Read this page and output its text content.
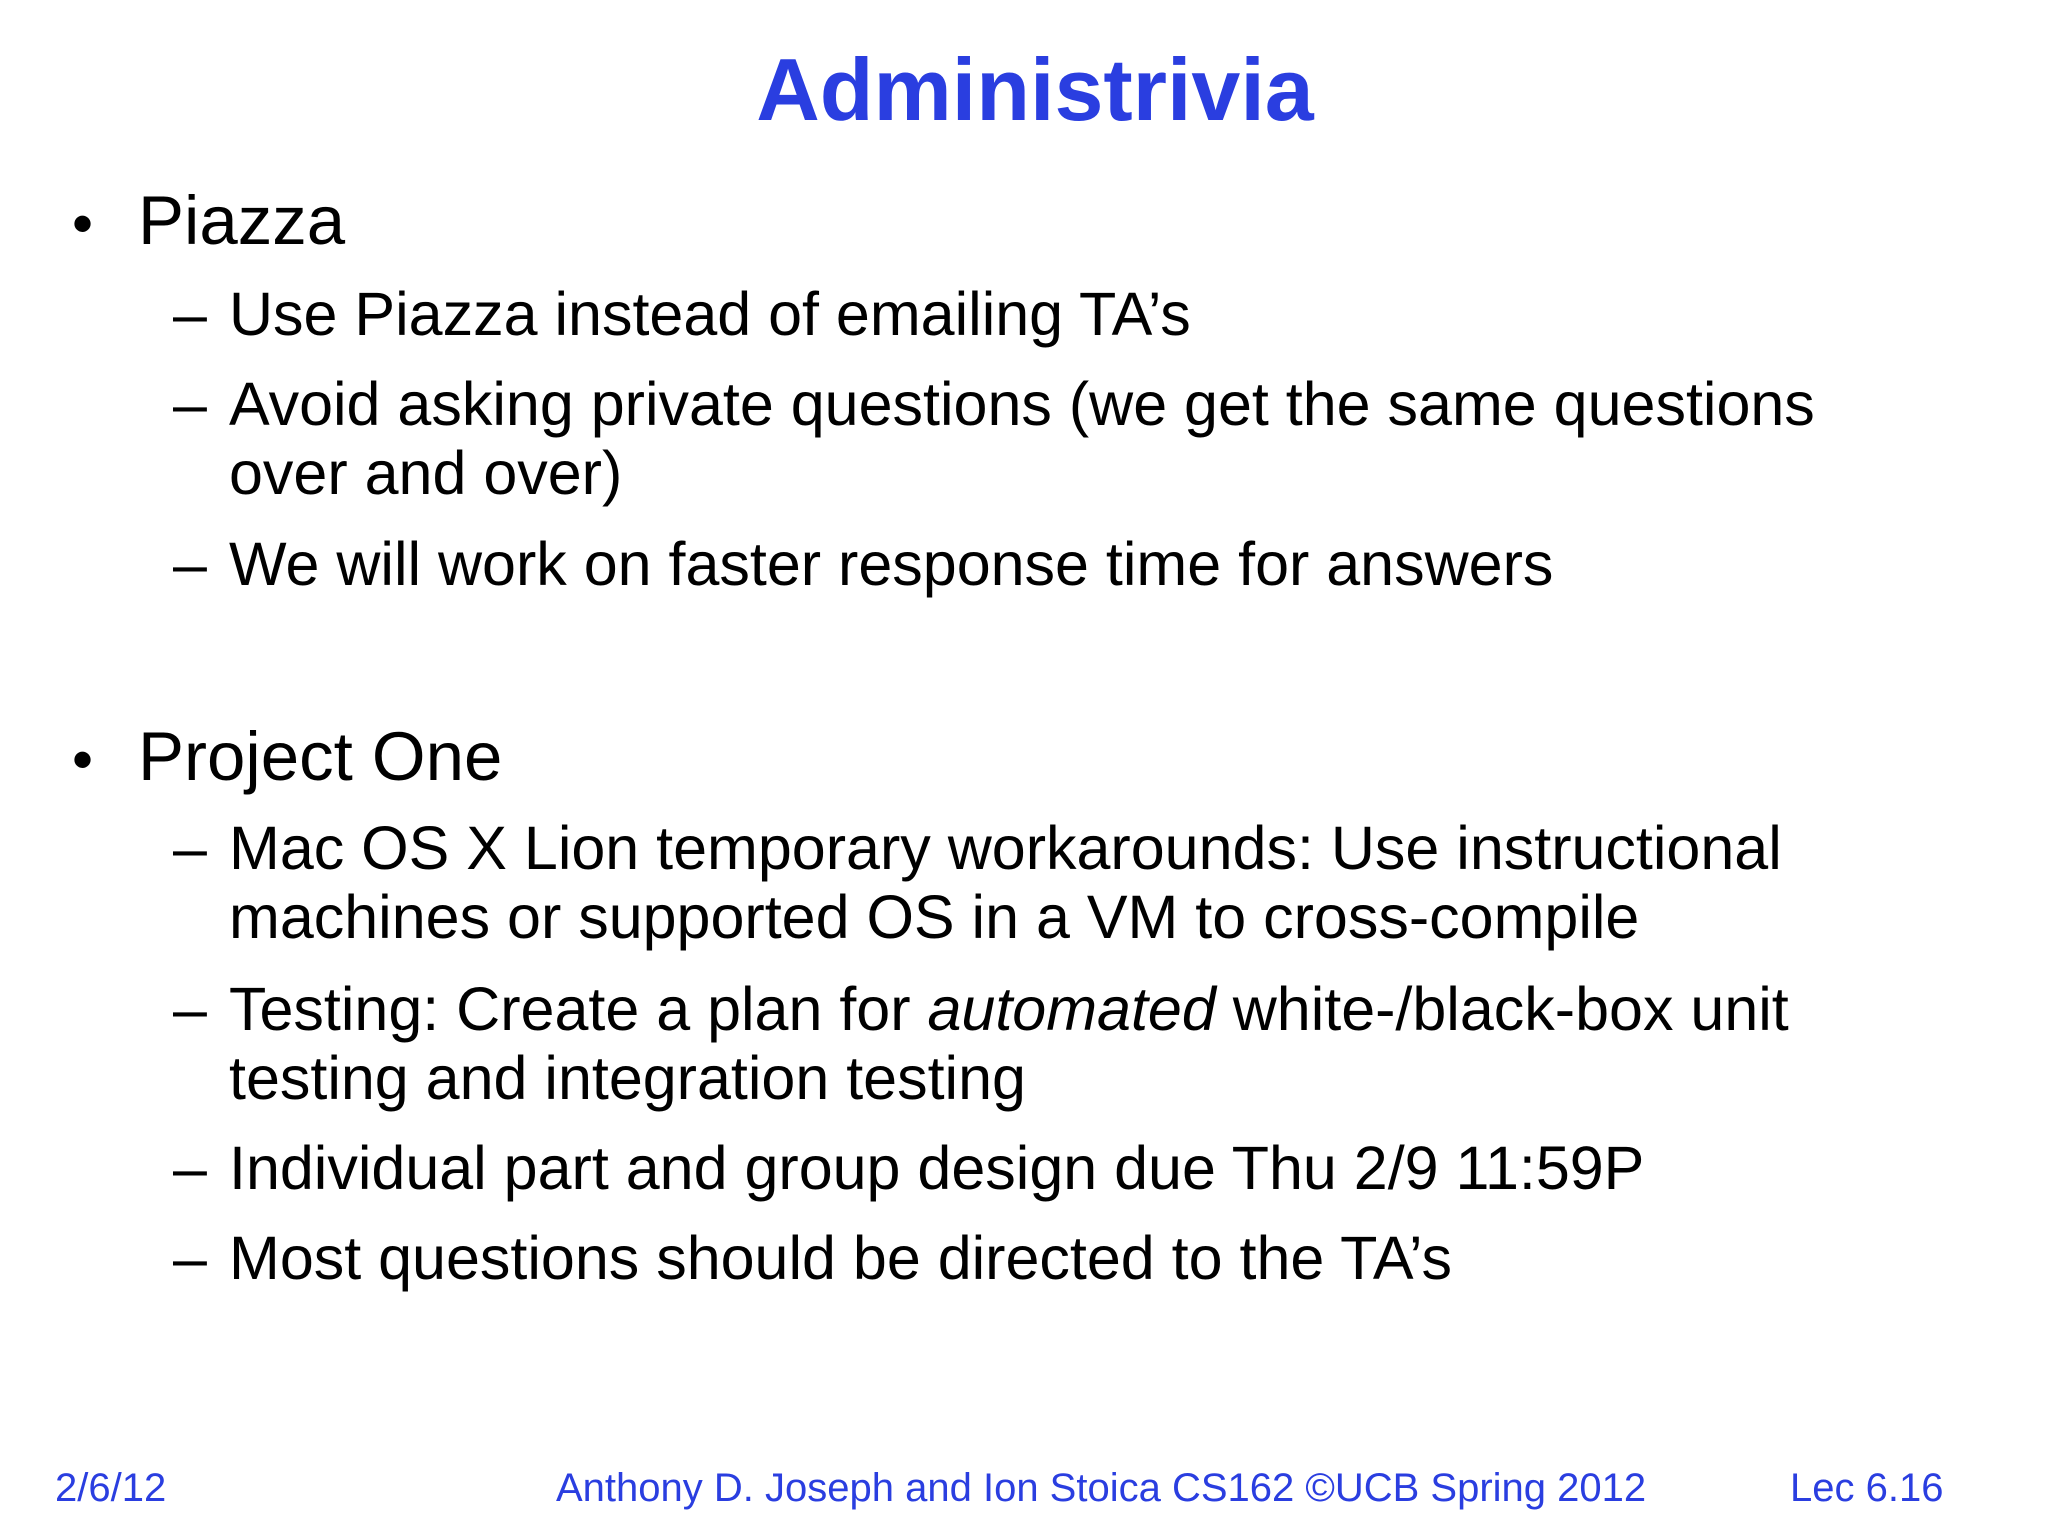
Administrivia
• Piazza
– Use Piazza instead of emailing TA’s
– Avoid asking private questions (we get the same questions
over and over)
– We will work on faster response time for answers
• Project One
– Mac OS X Lion temporary workarounds: Use instructional
machines or supported OS in a VM to cross-compile
– Testing: Create a plan for automated white-/black-box unit
testing and integration testing
– Individual part and group design due Thu 2/9 11:59P
– Most questions should be directed to the TA’s
2/6/12	Anthony D. Joseph and Ion Stoica CS162 ©UCB Spring 2012	Lec 6.16
